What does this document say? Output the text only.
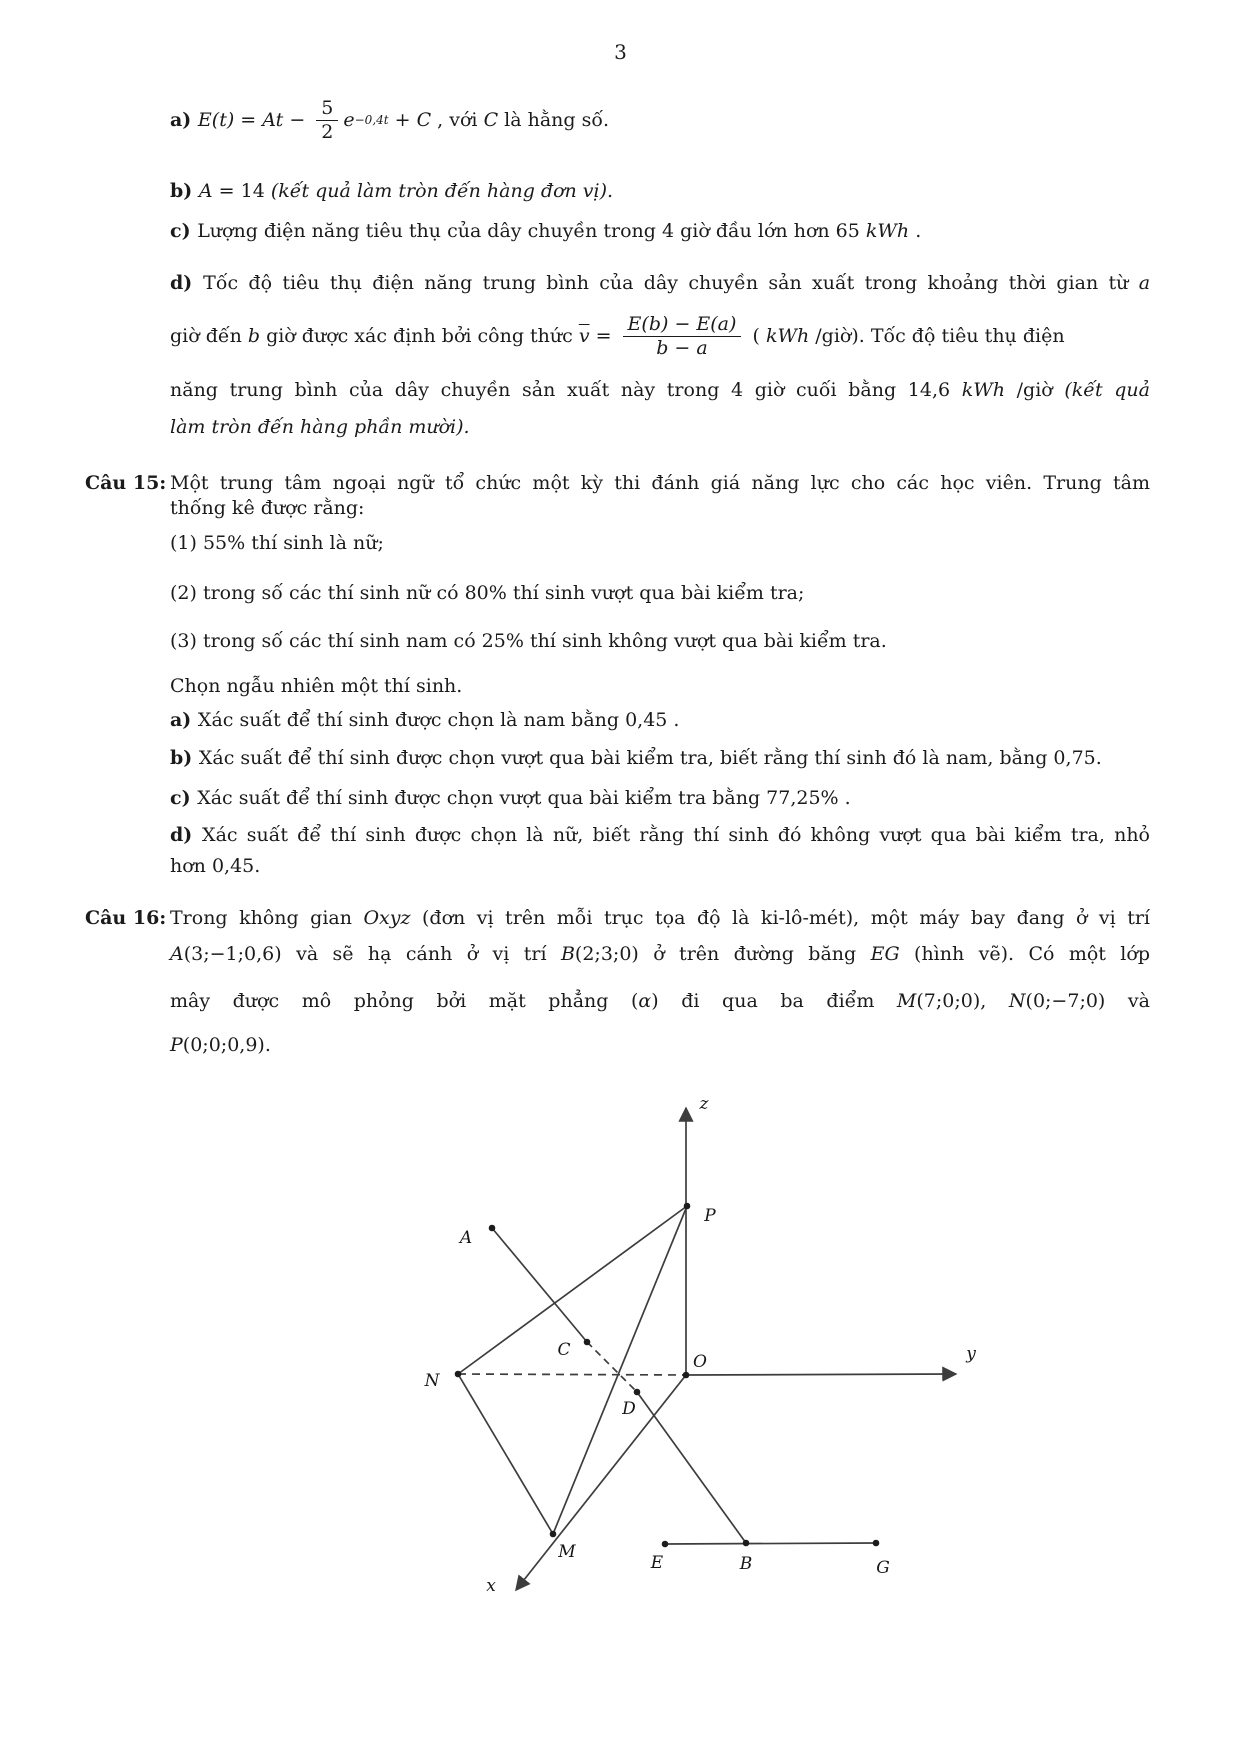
3
a) $E(t) = At - \frac{5}{2}$ e −0,4t + C , với C là hằng số.
b) A = 14 (kết quả làm tròn đến hàng đơn vị).
c) Lượng điện năng tiêu thụ của dây chuyền trong 4 giờ đầu lớn hơn 65 kWh .
d) Tốc độ tiêu thụ điện năng trung bình của dây chuyền sản xuất trong khoảng thời gian từ a
giờ đến b giờ được xác định bởi công thức $\overline{v} = \frac{E(b) - E(a)}{b - a}$ ( kWh /giờ). Tốc độ tiêu thụ điện
năng trung bình của dây chuyền sản xuất này trong 4 giờ cuối bằng 14,6 kWh /giờ (kết quả
làm tròn đến hàng phần mười).
Câu 15: Một trung tâm ngoại ngữ tổ chức một kỳ thi đánh giá năng lực cho các học viên. Trung tâm
thống kê được rằng:
(1) 55% thí sinh là nữ;
(2) trong số các thí sinh nữ có 80% thí sinh vượt qua bài kiểm tra;
(3) trong số các thí sinh nam có 25% thí sinh không vượt qua bài kiểm tra.
Chọn ngẫu nhiên một thí sinh.
a) Xác suất để thí sinh được chọn là nam bằng 0,45 .
b) Xác suất để thí sinh được chọn vượt qua bài kiểm tra, biết rằng thí sinh đó là nam, bằng 0,75.
c) Xác suất để thí sinh được chọn vượt qua bài kiểm tra bằng 77,25% .
d) Xác suất để thí sinh được chọn là nữ, biết rằng thí sinh đó không vượt qua bài kiểm tra, nhỏ
hơn 0,45.
Câu 16: Trong không gian Oxyz (đơn vị trên mỗi trục tọa độ là ki-lô-mét), một máy bay đang ở vị trí
A(3;−1;0,6) và sẽ hạ cánh ở vị trí B(2;3;0) ở trên đường băng EG (hình vẽ). Có một lớp
mây được mô phỏng bởi mặt phẳng (α) đi qua ba điểm M(7;0;0), N(0;−7;0) và
P(0;0;0,9).
A
P
z
C
O
N
D
y
M
x
E	B	G
